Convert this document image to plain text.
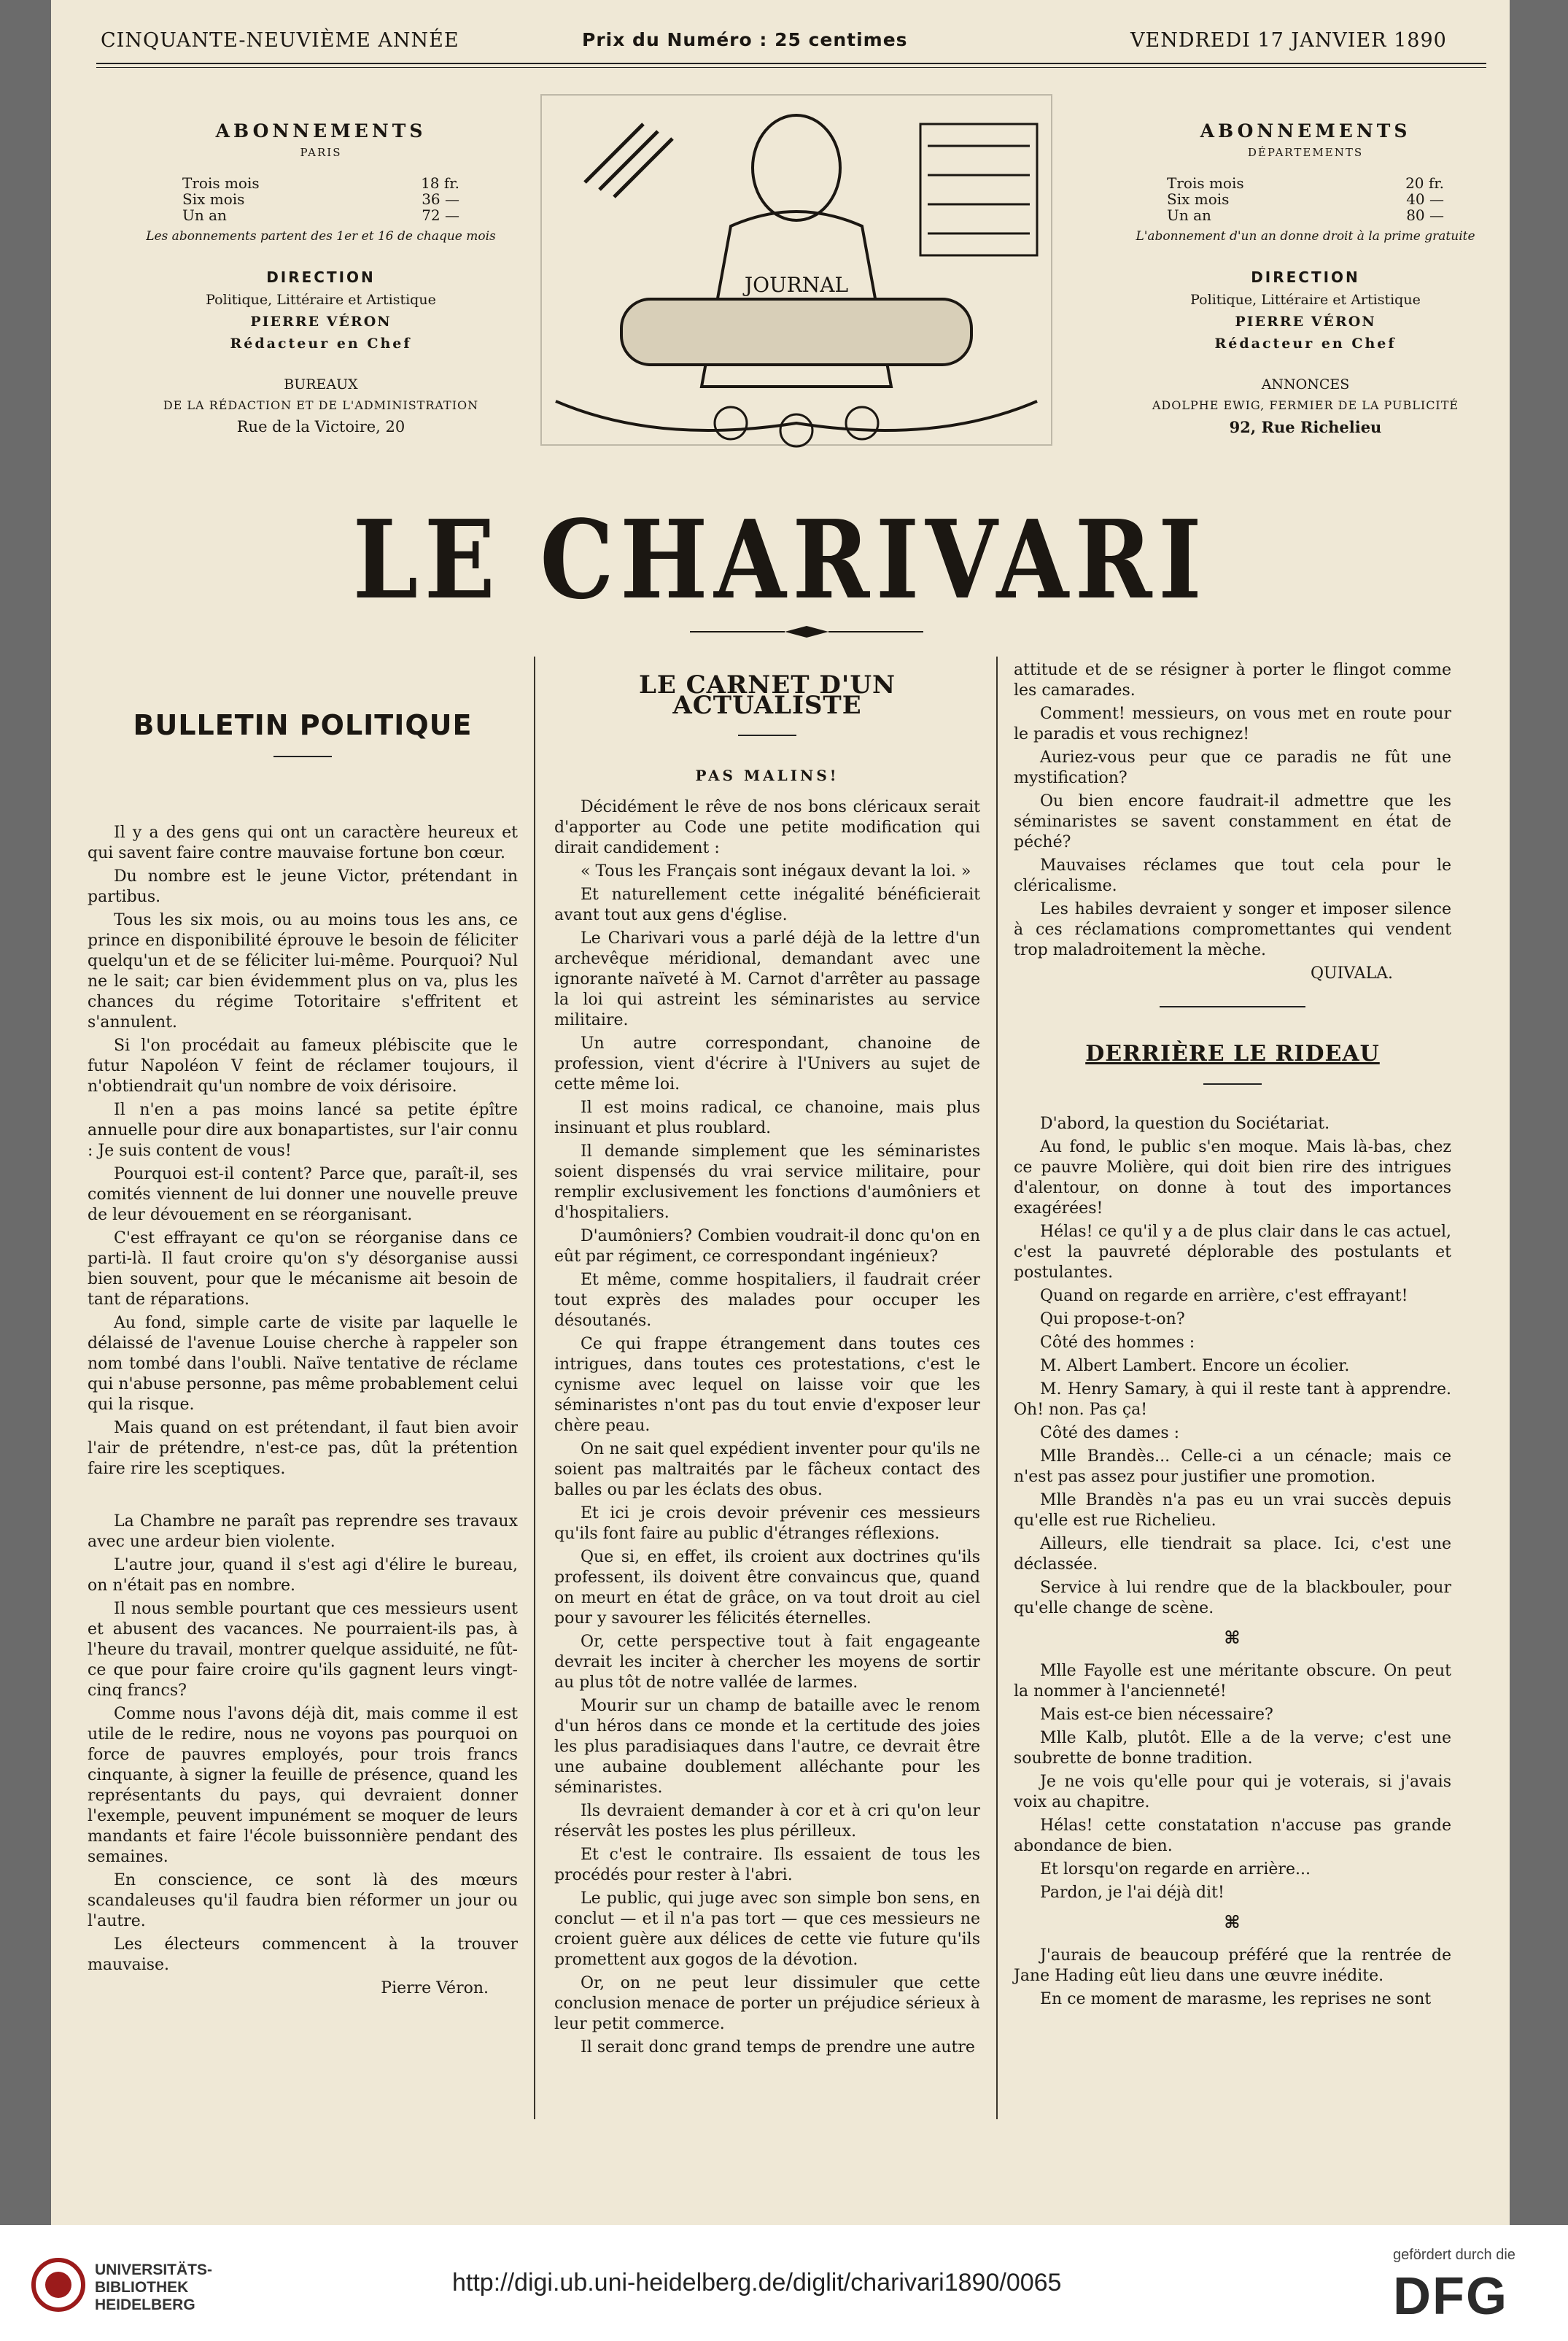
CINQUANTE-NEUVIÈME ANNÉE	Prix du Numéro : 25 centimes	VENDREDI 17 JANVIER 1890
ABONNEMENTS
PARIS
Trois mois	18 fr.
Six mois	36 —
Un an	72 —
Les abonnements partent des 1er et 16 de chaque mois
DIRECTION
Politique, Littéraire et Artistique
PIERRE VÉRON
Rédacteur en Chef
BUREAUX
DE LA RÉDACTION ET DE L'ADMINISTRATION
Rue de la Victoire, 20
JOURNAL
ABONNEMENTS
DÉPARTEMENTS
Trois mois	20 fr.
Six mois	40 —
Un an	80 —
L'abonnement d'un an donne droit à la prime gratuite
DIRECTION
Politique, Littéraire et Artistique
PIERRE VÉRON
Rédacteur en Chef
ANNONCES
ADOLPHE EWIG, FERMIER DE LA PUBLICITÉ
92, Rue Richelieu
LE CHARIVARI
BULLETIN POLITIQUE

Il y a des gens qui ont un caractère heureux et qui savent faire contre mauvaise fortune bon cœur.

Du nombre est le jeune Victor, prétendant in partibus.

Tous les six mois, ou au moins tous les ans, ce prince en disponibilité éprouve le besoin de féliciter quelqu'un et de se féliciter lui-même. Pourquoi? Nul ne le sait; car bien évidemment plus on va, plus les chances du régime Totoritaire s'effritent et s'annulent.

Si l'on procédait au fameux plébiscite que le futur Napoléon V feint de réclamer toujours, il n'obtiendrait qu'un nombre de voix dérisoire.

Il n'en a pas moins lancé sa petite épître annuelle pour dire aux bonapartistes, sur l'air connu : Je suis content de vous!

Pourquoi est-il content? Parce que, paraît-il, ses comités viennent de lui donner une nouvelle preuve de leur dévouement en se réorganisant.

C'est effrayant ce qu'on se réorganise dans ce parti-là. Il faut croire qu'on s'y désorganise aussi bien souvent, pour que le mécanisme ait besoin de tant de réparations.

Au fond, simple carte de visite par laquelle le délaissé de l'avenue Louise cherche à rappeler son nom tombé dans l'oubli. Naïve tentative de réclame qui n'abuse personne, pas même probablement celui qui la risque.

Mais quand on est prétendant, il faut bien avoir l'air de prétendre, n'est-ce pas, dût la prétention faire rire les sceptiques.

La Chambre ne paraît pas reprendre ses travaux avec une ardeur bien violente.

L'autre jour, quand il s'est agi d'élire le bureau, on n'était pas en nombre.

Il nous semble pourtant que ces messieurs usent et abusent des vacances. Ne pourraient-ils pas, à l'heure du travail, montrer quelque assiduité, ne fût-ce que pour faire croire qu'ils gagnent leurs vingt-cinq francs?

Comme nous l'avons déjà dit, mais comme il est utile de le redire, nous ne voyons pas pourquoi on force de pauvres employés, pour trois francs cinquante, à signer la feuille de présence, quand les représentants du pays, qui devraient donner l'exemple, peuvent impunément se moquer de leurs mandants et faire l'école buissonnière pendant des semaines.

En conscience, ce sont là des mœurs scandaleuses qu'il faudra bien réformer un jour ou l'autre.

Les électeurs commencent à la trouver mauvaise.

Pierre Véron.

LE CARNET D'UN ACTUALISTE
PAS MALINS!

Décidément le rêve de nos bons cléricaux serait d'apporter au Code une petite modification qui dirait candidement :

« Tous les Français sont inégaux devant la loi. »

Et naturellement cette inégalité bénéficierait avant tout aux gens d'église.

Le Charivari vous a parlé déjà de la lettre d'un archevêque méridional, demandant avec une ignorante naïveté à M. Carnot d'arrêter au passage la loi qui astreint les séminaristes au service militaire.

Un autre correspondant, chanoine de profession, vient d'écrire à l'Univers au sujet de cette même loi.

Il est moins radical, ce chanoine, mais plus insinuant et plus roublard.

Il demande simplement que les séminaristes soient dispensés du vrai service militaire, pour remplir exclusivement les fonctions d'aumôniers et d'hospitaliers.

D'aumôniers? Combien voudrait-il donc qu'on en eût par régiment, ce correspondant ingénieux?

Et même, comme hospitaliers, il faudrait créer tout exprès des malades pour occuper les désoutanés.

Ce qui frappe étrangement dans toutes ces intrigues, dans toutes ces protestations, c'est le cynisme avec lequel on laisse voir que les séminaristes n'ont pas du tout envie d'exposer leur chère peau.

On ne sait quel expédient inventer pour qu'ils ne soient pas maltraités par le fâcheux contact des balles ou par les éclats des obus.

Et ici je crois devoir prévenir ces messieurs qu'ils font faire au public d'étranges réflexions.

Que si, en effet, ils croient aux doctrines qu'ils professent, ils doivent être convaincus que, quand on meurt en état de grâce, on va tout droit au ciel pour y savourer les félicités éternelles.

Or, cette perspective tout à fait engageante devrait les inciter à chercher les moyens de sortir au plus tôt de notre vallée de larmes.

Mourir sur un champ de bataille avec le renom d'un héros dans ce monde et la certitude des joies les plus paradisiaques dans l'autre, ce devrait être une aubaine doublement alléchante pour les séminaristes.

Ils devraient demander à cor et à cri qu'on leur réservât les postes les plus périlleux.

Et c'est le contraire. Ils essaient de tous les procédés pour rester à l'abri.

Le public, qui juge avec son simple bon sens, en conclut — et il n'a pas tort — que ces messieurs ne croient guère aux délices de cette vie future qu'ils promettent aux gogos de la dévotion.

Or, on ne peut leur dissimuler que cette conclusion menace de porter un préjudice sérieux à leur petit commerce.

Il serait donc grand temps de prendre une autre

attitude et de se résigner à porter le flingot comme les camarades.

Comment! messieurs, on vous met en route pour le paradis et vous rechignez!

Auriez-vous peur que ce paradis ne fût une mystification?

Ou bien encore faudrait-il admettre que les séminaristes se savent constamment en état de péché?

Mauvaises réclames que tout cela pour le cléricalisme.

Les habiles devraient y songer et imposer silence à ces réclamations compromettantes qui vendent trop maladroitement la mèche.

QUIVALA.

DERRIÈRE LE RIDEAU

D'abord, la question du Sociétariat.

Au fond, le public s'en moque. Mais là-bas, chez ce pauvre Molière, qui doit bien rire des intrigues d'alentour, on donne à tout des importances exagérées!

Hélas! ce qu'il y a de plus clair dans le cas actuel, c'est la pauvreté déplorable des postulants et postulantes.

Quand on regarde en arrière, c'est effrayant!

Qui propose-t-on?

Côté des hommes :

M. Albert Lambert. Encore un écolier.

M. Henry Samary, à qui il reste tant à apprendre. Oh! non. Pas ça!

Côté des dames :

Mlle Brandès... Celle-ci a un cénacle; mais ce n'est pas assez pour justifier une promotion.

Mlle Brandès n'a pas eu un vrai succès depuis qu'elle est rue Richelieu.

Ailleurs, elle tiendrait sa place. Ici, c'est une déclassée.

Service à lui rendre que de la blackbouler, pour qu'elle change de scène.

⌘

Mlle Fayolle est une méritante obscure. On peut la nommer à l'ancienneté!

Mais est-ce bien nécessaire?

Mlle Kalb, plutôt. Elle a de la verve; c'est une soubrette de bonne tradition.

Je ne vois qu'elle pour qui je voterais, si j'avais voix au chapitre.

Hélas! cette constatation n'accuse pas grande abondance de bien.

Et lorsqu'on regarde en arrière...

Pardon, je l'ai déjà dit!

⌘

J'aurais de beaucoup préféré que la rentrée de Jane Hading eût lieu dans une œuvre inédite.

En ce moment de marasme, les reprises ne sont

UNIVERSITÄTS-
BIBLIOTHEK
HEIDELBERG
http://digi.ub.uni-heidelberg.de/diglit/charivari1890/0065
gefördert durch die
DFG
